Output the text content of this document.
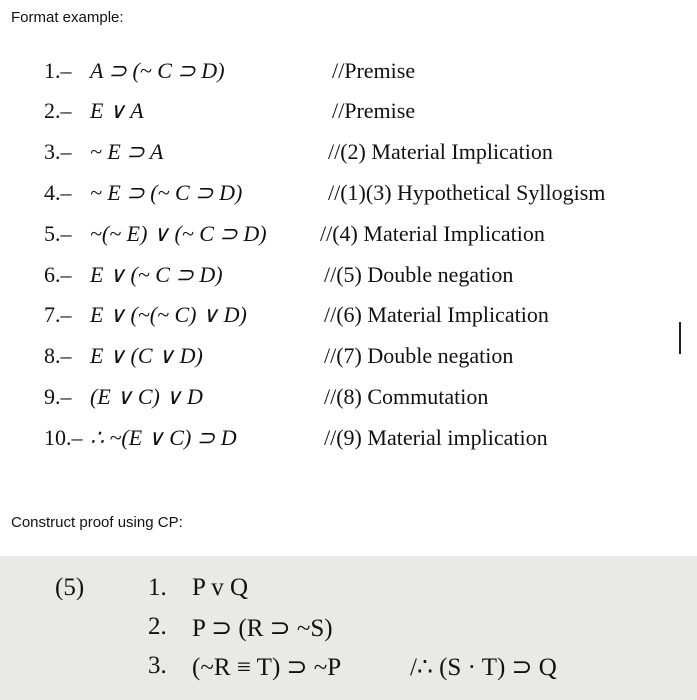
Format example:
1.– A ⊃ (~ C ⊃ D)	//Premise
2.– E ∨ A	//Premise
3.– ~ E ⊃ A	//(2) Material Implication
4.– ~ E ⊃ (~ C ⊃ D)	//(1)(3) Hypothetical Syllogism
5.– ~(~ E) ∨ (~ C ⊃ D) //(4) Material Implication
6.– E ∨ (~ C ⊃ D)	//(5) Double negation
7.– E ∨ (~(~ C) ∨ D)	//(6) Material Implication
8.– E ∨ (C ∨ D)	//(7) Double negation
9.– (E ∨ C) ∨ D	//(8) Commutation
10.– ∴ ~(E ∨ C) ⊃ D	//(9) Material implication
Construct proof using CP:
(5)	1. P v Q
2. P ⊃ (R ⊃ ~S)
3. (~R ≡ T) ⊃ ~P	/∴ (S · T) ⊃ Q
